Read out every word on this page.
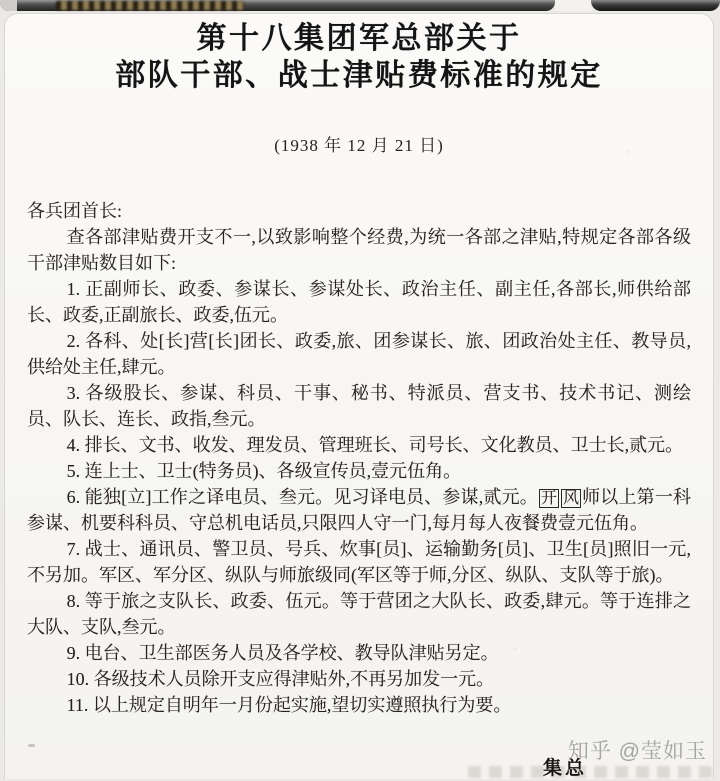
第十八集团军总部关于
部队干部、战士津贴费标准的规定
(1938 年 12 月 21 日)

各兵团首长:

查各部津贴费开支不一,以致影响整个经费,为统一各部之津贴,特规定各部各级干部津贴数目如下:

1. 正副师长、政委、参谋长、参谋处长、政治主任、副主任,各部长,师供给部长、政委,正副旅长、政委,伍元。

2. 各科、处[长]营[长]团长、政委,旅、团参谋长、旅、团政治处主任、教导员,供给处主任,肆元。

3. 各级股长、参谋、科员、干事、秘书、特派员、营支书、技术书记、测绘员、队长、连长、政指,叁元。

4. 排长、文书、收发、理发员、管理班长、司号长、文化教员、卫士长,贰元。

5. 连上士、卫士(特务员)、各级宣传员,壹元伍角。

6. 能独[立]工作之译电员、叁元。见习译电员、参谋,贰元。 开 风 师以上第一科参谋、机要科科员、守总机电话员,只限四人守一门,每月每人夜餐费壹元伍角。

7. 战士、通讯员、警卫员、号兵、炊事[员]、运输勤务[员]、卫生[员]照旧一元,不另加。军区、军分区、纵队与师旅级同(军区等于师,分区、纵队、支队等于旅)。

8. 等于旅之支队长、政委、伍元。等于营团之大队长、政委,肆元。等于连排之大队、支队,叁元。

9. 电台、卫生部医务人员及各学校、教导队津贴另定。

10. 各级技术人员除开支应得津贴外,不再另加发一元。

11. 以上规定自明年一月份起实施,望切实遵照执行为要。

集总
知乎 @莹如玉
